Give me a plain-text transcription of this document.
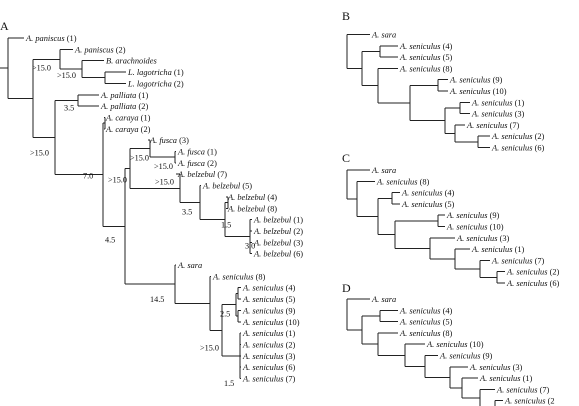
A
A. paniscus (1)
A. paniscus (2)
B. arachnoides
L. lagotricha (1)
L. lagotricha (2)
>15.0
>15.0
A. palliata (1)
A. palliata (2)
3.5
A. caraya (1)
A. caraya (2)
A. fusca (3)
A. fusca (1)
A. fusca (2)
>15.0
>15.0
A. belzebul (7)
A. belzebul (5)
A. belzebul (4)
A. belzebul (8)
A. belzebul (1)
A. belzebul (2)
A. belzebul (3)
A. belzebul (6)
3.0
1.5
3.5
>15.0
>15.0
A. sara
A. seniculus (8)
A. seniculus (4)
A. seniculus (5)
A. seniculus (9)
A. seniculus (10)
2.5
A. seniculus (1)
A. seniculus (2)
A. seniculus (3)
A. seniculus (6)
A. seniculus (7)
1.5
>15.0
14.5
4.5
7.0
>15.0
B
A. sara
A. seniculus (4)
A. seniculus (5)
A. seniculus (8)
A. seniculus (9)
A. seniculus (10)
A. seniculus (1)
A. seniculus (3)
A. seniculus (7)
A. seniculus (2)
A. seniculus (6)
C
A. sara
A. seniculus (8)
A. seniculus (4)
A. seniculus (5)
A. seniculus (9)
A. seniculus (10)
A. seniculus (3)
A. seniculus (1)
A. seniculus (7)
A. seniculus (2)
A. seniculus (6)
D
A. sara
A. seniculus (4)
A. seniculus (5)
A. seniculus (8)
A. seniculus (10)
A. seniculus (9)
A. seniculus (3)
A. seniculus (1)
A. seniculus (7)
A. seniculus (2
